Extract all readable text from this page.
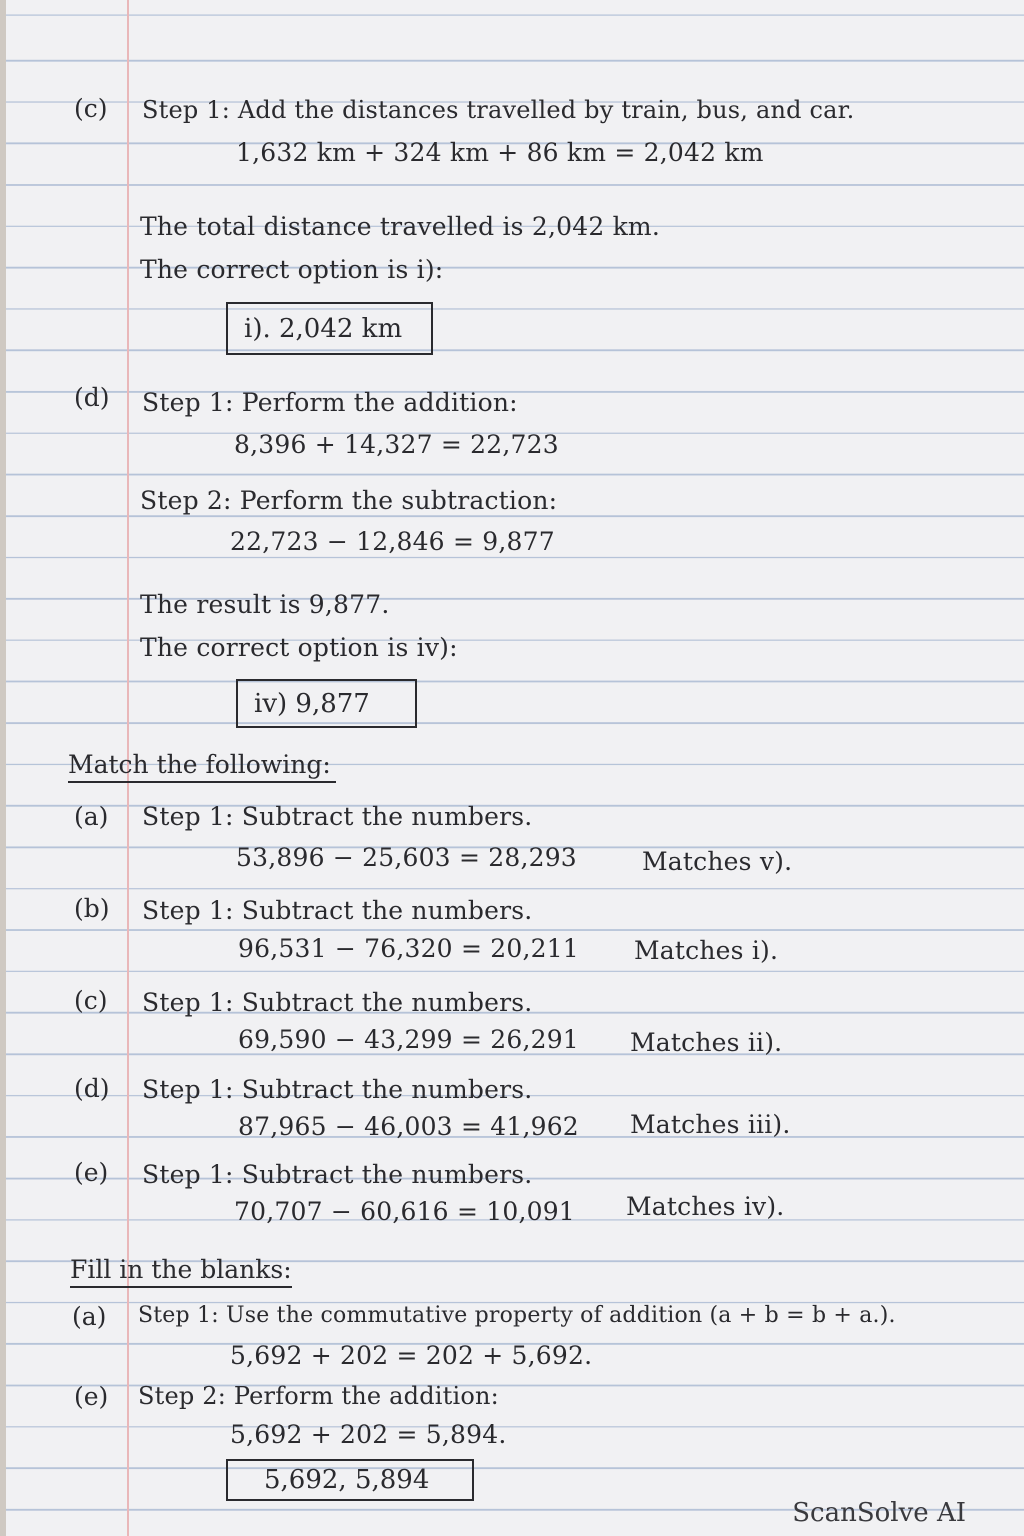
(c) Step 1: Add the distances travelled by train, bus, and car.
1,632 km + 324 km + 86 km = 2,042 km
The total distance travelled is 2,042 km.
The correct option is i):
i). 2,042 km
(d) Step 1: Perform the addition:
8,396 + 14,327 = 22,723
Step 2: Perform the subtraction:
22,723 − 12,846 = 9,877
The result is 9,877.
The correct option is iv):
iv) 9,877
Match the following:
(a) Step 1: Subtract the numbers.
53,896 − 25,603 = 28,293	Matches v).
(b) Step 1: Subtract the numbers.
96,531 − 76,320 = 20,211 Matches i).
(c) Step 1: Subtract the numbers.
69,590 − 43,299 = 26,291 Matches ii).
(d) Step 1: Subtract the numbers.
87,965 − 46,003 = 41,962 Matches iii).
(e) Step 1: Subtract the numbers.
70,707 − 60,616 = 10,091 Matches iv).
Fill in the blanks:
(a) Step 1: Use the commutative property of addition (a + b = b + a.).
5,692 + 202 = 202 + 5,692.
(e) Step 2: Perform the addition:
5,692 + 202 = 5,894.
5,692, 5,894
ScanSolve AI
